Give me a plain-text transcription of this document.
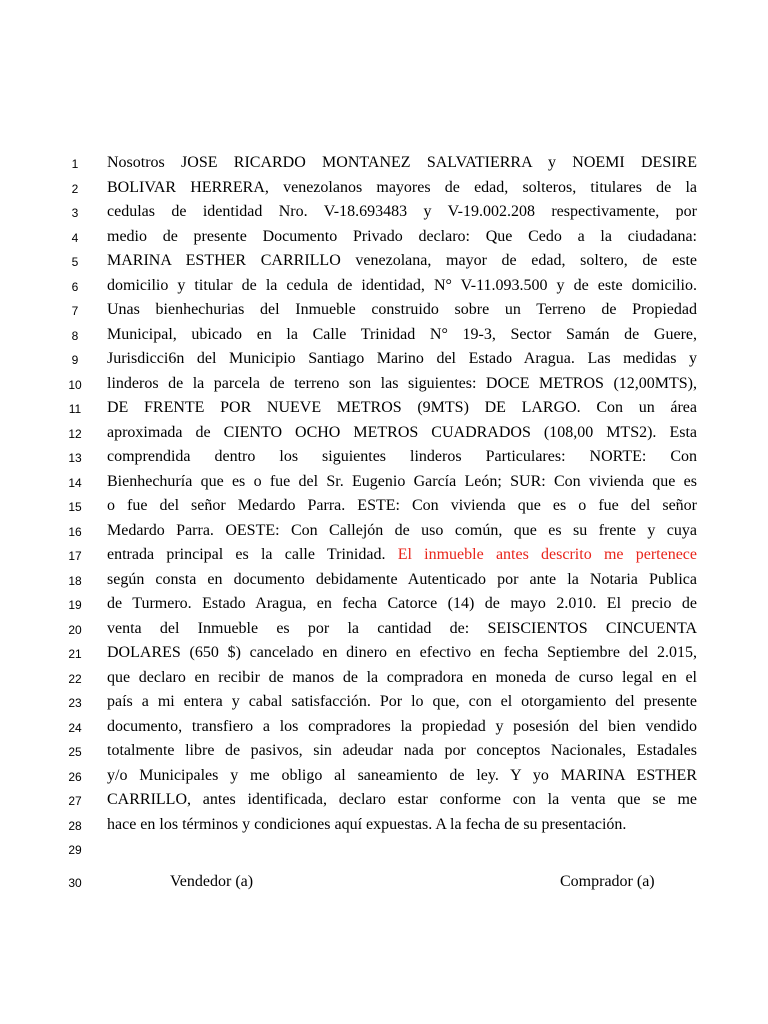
1	Nosotros JOSE RICARDO MONTANEZ SALVATIERRA y NOEMI DESIRE
2	BOLIVAR HERRERA, venezolanos mayores de edad, solteros, titulares de la
3	cedulas de identidad Nro. V-18.693483 y V-19.002.208 respectivamente, por
4	medio de presente Documento Privado declaro: Que Cedo a la ciudadana:
5	MARINA ESTHER CARRILLO venezolana, mayor de edad, soltero, de este
6	domicilio y titular de la cedula de identidad, N° V-11.093.500 y de este domicilio.
7	Unas bienhechurias del Inmueble construido sobre un Terreno de Propiedad
8	Municipal, ubicado en la Calle Trinidad N° 19-3, Sector Samán de Guere,
9	Jurisdicci6n del Municipio Santiago Marino del Estado Aragua. Las medidas y
10	linderos de la parcela de terreno son las siguientes: DOCE METROS (12,00MTS),
11	DE FRENTE POR NUEVE METROS (9MTS) DE LARGO. Con un área
12	aproximada de CIENTO OCHO METROS CUADRADOS (108,00 MTS2). Esta
13	comprendida dentro los siguientes linderos Particulares: NORTE: Con
14	Bienhechuría que es o fue del Sr. Eugenio García León; SUR: Con vivienda que es
15	o fue del señor Medardo Parra. ESTE: Con vivienda que es o fue del señor
16	Medardo Parra. OESTE: Con Callejón de uso común, que es su frente y cuya
17	entrada principal es la calle Trinidad. El inmueble antes descrito me pertenece
18	según consta en documento debidamente Autenticado por ante la Notaria Publica
19	de Turmero. Estado Aragua, en fecha Catorce (14) de mayo 2.010. El precio de
20	venta del Inmueble es por la cantidad de: SEISCIENTOS CINCUENTA
21	DOLARES (650 $) cancelado en dinero en efectivo en fecha Septiembre del 2.015,
22	que declaro en recibir de manos de la compradora en moneda de curso legal en el
23	país a mi entera y cabal satisfacción. Por lo que, con el otorgamiento del presente
24	documento, transfiero a los compradores la propiedad y posesión del bien vendido
25	totalmente libre de pasivos, sin adeudar nada por conceptos Nacionales, Estadales
26	y/o Municipales y me obligo al saneamiento de ley. Y yo MARINA ESTHER
27	CARRILLO, antes identificada, declaro estar conforme con la venta que se me
28	hace en los términos y condiciones aquí expuestas. A la fecha de su presentación.
29
30	Vendedor (a)	Comprador (a)
